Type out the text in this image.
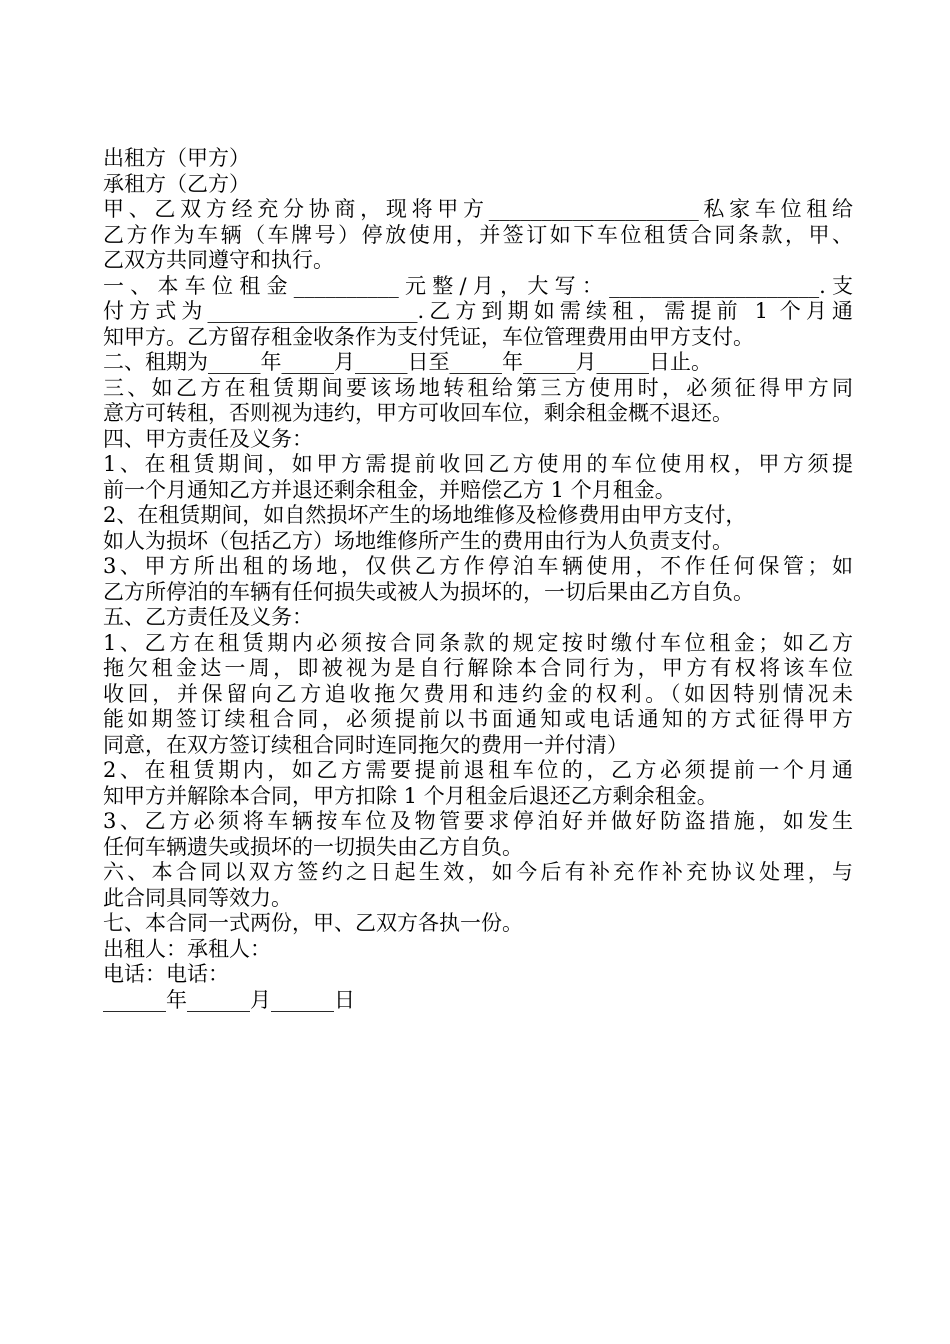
出租方（甲方）
承租方（乙方）
甲、乙双方经充分协商，现将甲方____________________私家车位租给
乙方作为车辆（车牌号）停放使用，并签订如下车位租赁合同条款，甲、
乙双方共同遵守和执行。
一、本车位租金__________元整/月，大写：____________________.支
付方式为____________________.乙方到期如需续租，需提前 1 个月通
知甲方。乙方留存租金收条作为支付凭证，车位管理费用由甲方支付。
二、租期为_____年_____月_____日至_____年_____月_____日止。
三、如乙方在租赁期间要该场地转租给第三方使用时，必须征得甲方同
意方可转租，否则视为违约，甲方可收回车位，剩余租金概不退还。
四、甲方责任及义务：
1、在租赁期间，如甲方需提前收回乙方使用的车位使用权，甲方须提
前一个月通知乙方并退还剩余租金，并赔偿乙方 1 个月租金。
2、在租赁期间，如自然损坏产生的场地维修及检修费用由甲方支付，
如人为损坏（包括乙方）场地维修所产生的费用由行为人负责支付。
3、甲方所出租的场地，仅供乙方作停泊车辆使用，不作任何保管；如
乙方所停泊的车辆有任何损失或被人为损坏的，一切后果由乙方自负。
五、乙方责任及义务：
1、乙方在租赁期内必须按合同条款的规定按时缴付车位租金；如乙方
拖欠租金达一周，即被视为是自行解除本合同行为，甲方有权将该车位
收回，并保留向乙方追收拖欠费用和违约金的权利。（如因特别情况未
能如期签订续租合同，必须提前以书面通知或电话通知的方式征得甲方
同意，在双方签订续租合同时连同拖欠的费用一并付清）
2、在租赁期内，如乙方需要提前退租车位的，乙方必须提前一个月通
知甲方并解除本合同，甲方扣除 1 个月租金后退还乙方剩余租金。
3、乙方必须将车辆按车位及物管要求停泊好并做好防盗措施，如发生
任何车辆遗失或损坏的一切损失由乙方自负。
六、本合同以双方签约之日起生效，如今后有补充作补充协议处理，与
此合同具同等效力。
七、本合同一式两份，甲、乙双方各执一份。
出租人：承租人：
电话：电话：
______年______月______日
